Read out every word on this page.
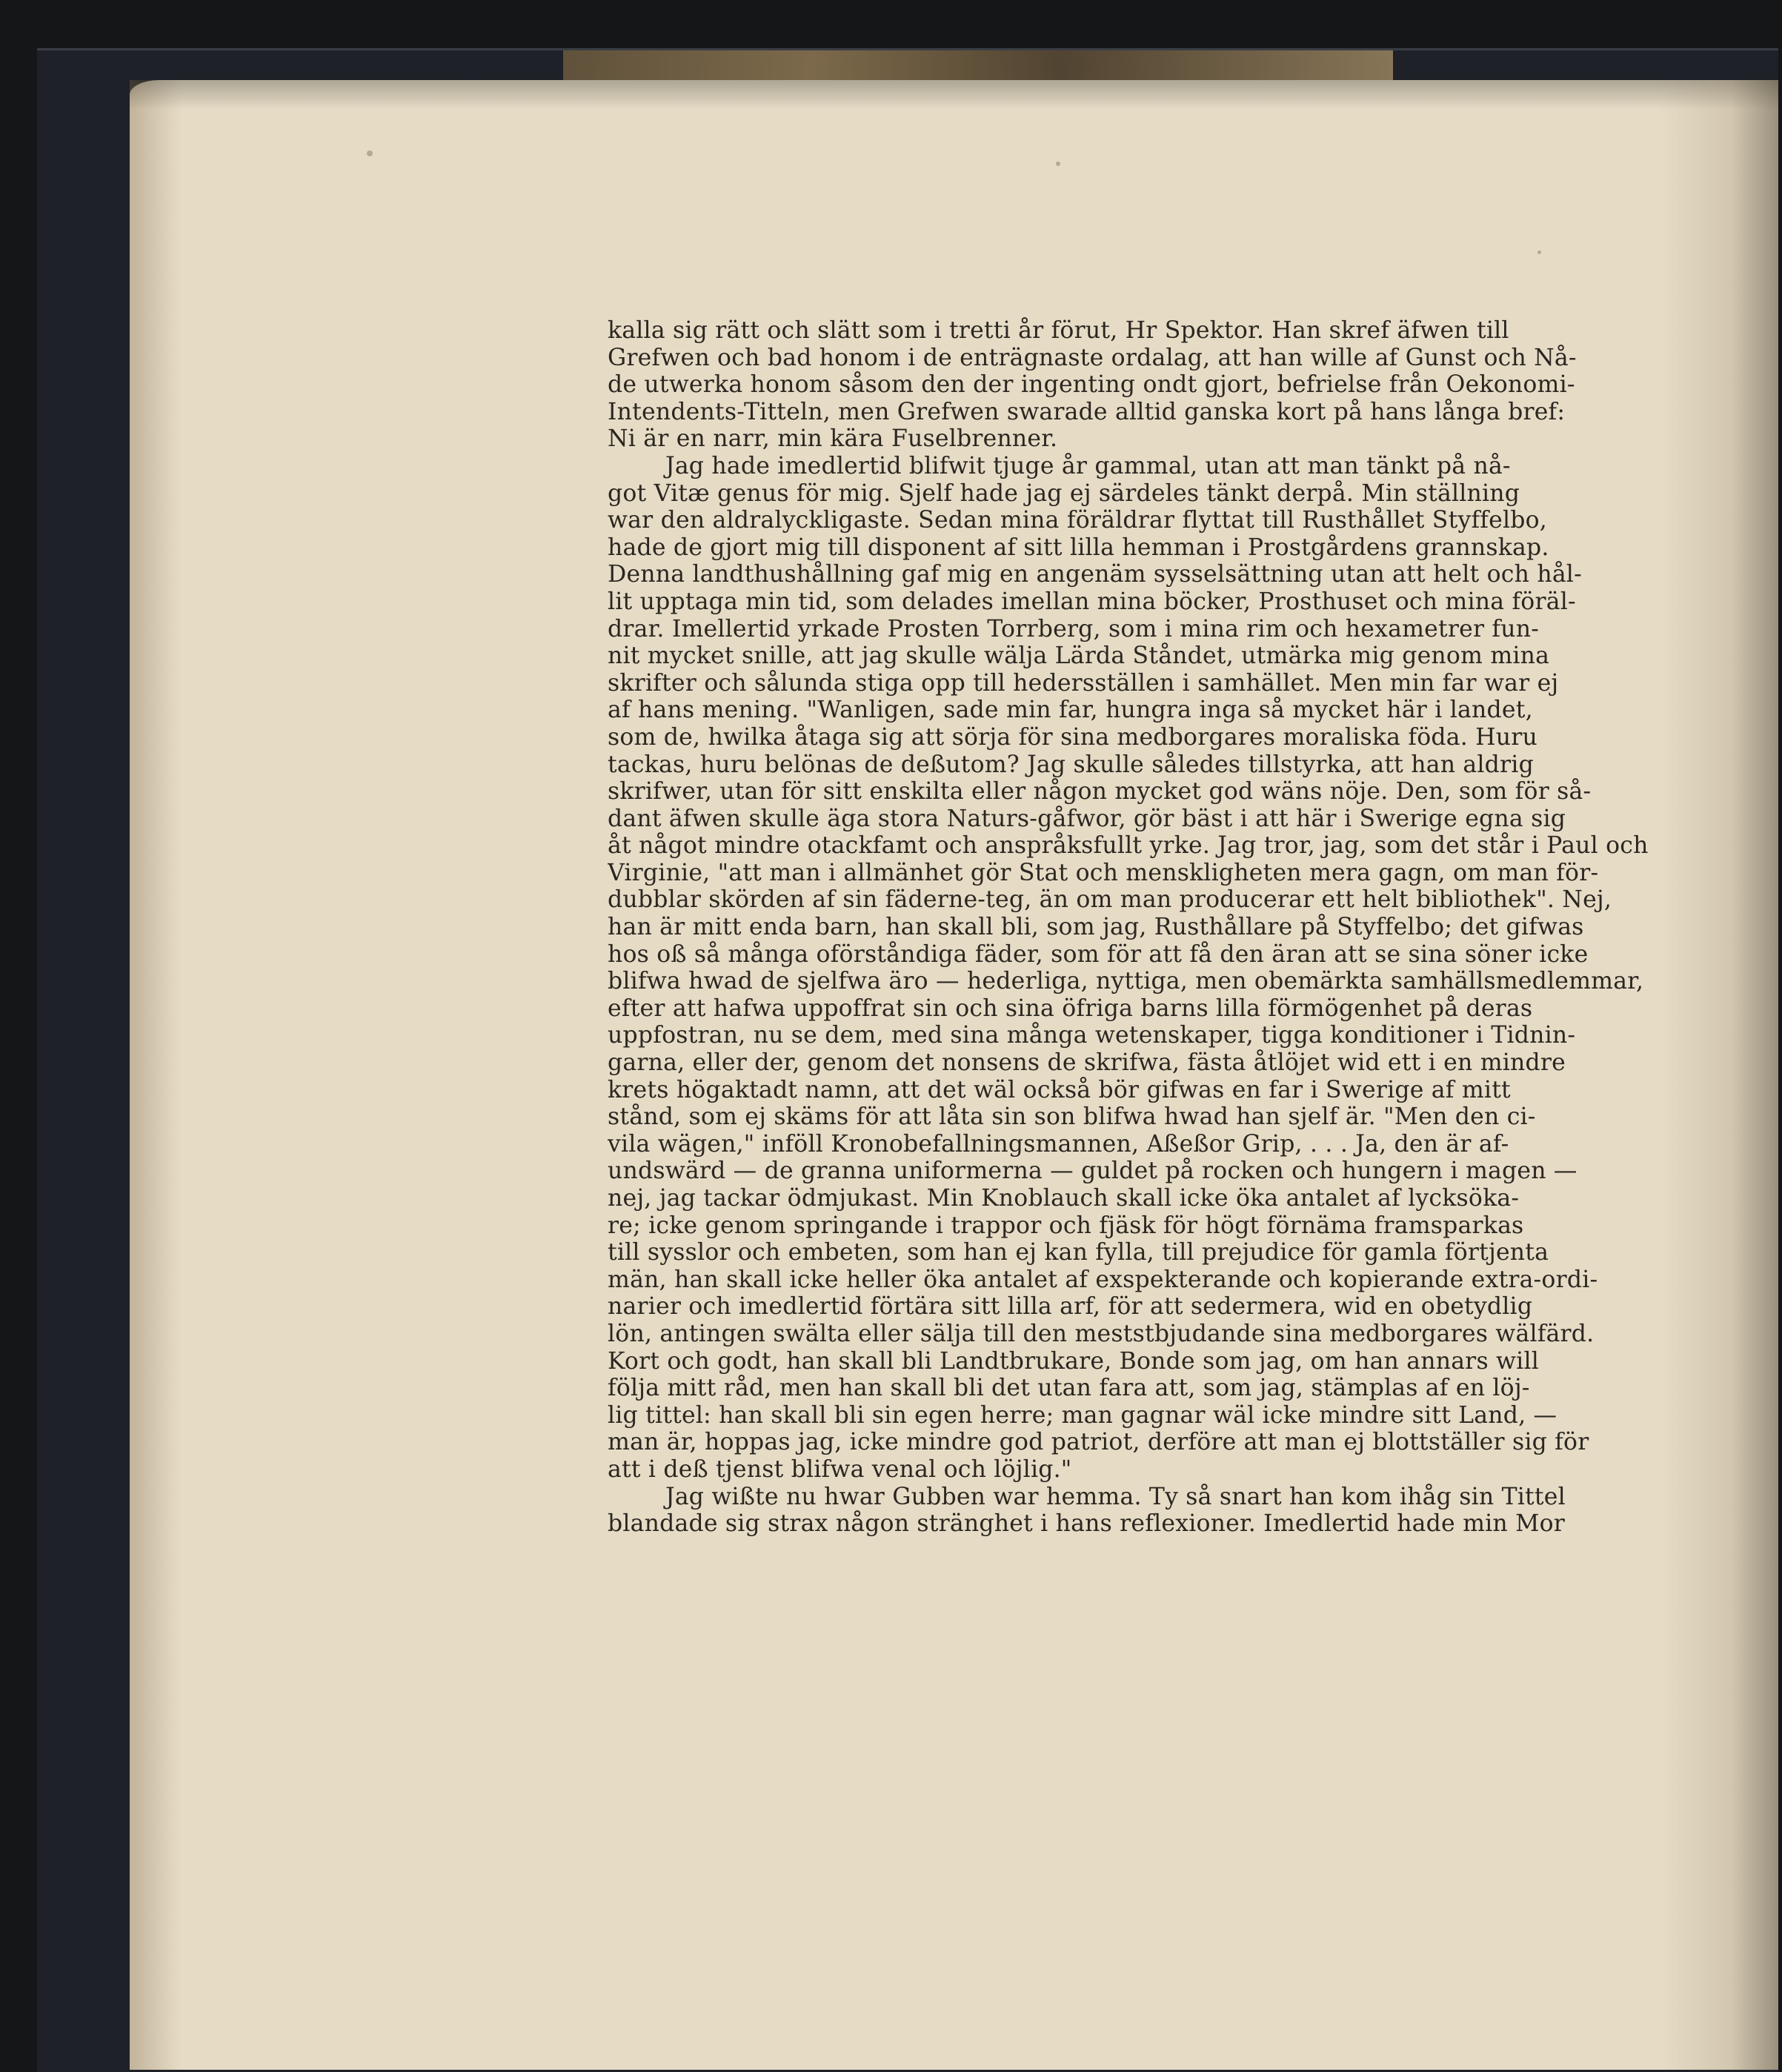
kalla sig rätt och slätt som i tretti år förut, Hr Spektor. Han skref äfwen till
Grefwen och bad honom i de enträgnaste ordalag, att han wille af Gunst och Nå-
de utwerka honom såsom den der ingenting ondt gjort, befrielse från Oekonomi-
Intendents-Titteln, men Grefwen swarade alltid ganska kort på hans långa bref:
Ni är en narr, min kära Fuselbrenner.
Jag hade imedlertid blifwit tjuge år gammal, utan att man tänkt på nå-
got Vitæ genus för mig. Sjelf hade jag ej särdeles tänkt derpå. Min ställning
war den aldralyckligaste. Sedan mina föräldrar flyttat till Rusthållet Styffelbo,
hade de gjort mig till disponent af sitt lilla hemman i Prostgårdens grannskap.
Denna landthushållning gaf mig en angenäm sysselsättning utan att helt och hål-
lit upptaga min tid, som delades imellan mina böcker, Prosthuset och mina föräl-
drar. Imellertid yrkade Prosten Torrberg, som i mina rim och hexametrer fun-
nit mycket snille, att jag skulle wälja Lärda Ståndet, utmärka mig genom mina
skrifter och sålunda stiga opp till hedersställen i samhället. Men min far war ej
af hans mening. "Wanligen, sade min far, hungra inga så mycket här i landet,
som de, hwilka åtaga sig att sörja för sina medborgares moraliska föda. Huru
tackas, huru belönas de deßutom? Jag skulle således tillstyrka, att han aldrig
skrifwer, utan för sitt enskilta eller någon mycket god wäns nöje. Den, som för så-
dant äfwen skulle äga stora Naturs-gåfwor, gör bäst i att här i Swerige egna sig
åt något mindre otackfamt och anspråksfullt yrke. Jag tror, jag, som det står i Paul och
Virginie, "att man i allmänhet gör Stat och menskligheten mera gagn, om man för-
dubblar skörden af sin fäderne-teg, än om man producerar ett helt bibliothek". Nej,
han är mitt enda barn, han skall bli, som jag, Rusthållare på Styffelbo; det gifwas
hos oß så många oförståndiga fäder, som för att få den äran att se sina söner icke
blifwa hwad de sjelfwa äro — hederliga, nyttiga, men obemärkta samhällsmedlemmar,
efter att hafwa uppoffrat sin och sina öfriga barns lilla förmögenhet på deras
uppfostran, nu se dem, med sina många wetenskaper, tigga konditioner i Tidnin-
garna, eller der, genom det nonsens de skrifwa, fästa åtlöjet wid ett i en mindre
krets högaktadt namn, att det wäl också bör gifwas en far i Swerige af mitt
stånd, som ej skäms för att låta sin son blifwa hwad han sjelf är. "Men den ci-
vila wägen," inföll Kronobefallningsmannen, Aßeßor Grip, . . . Ja, den är af-
undswärd — de granna uniformerna — guldet på rocken och hungern i magen —
nej, jag tackar ödmjukast. Min Knoblauch skall icke öka antalet af lycksöka-
re; icke genom springande i trappor och fjäsk för högt förnäma framsparkas
till sysslor och embeten, som han ej kan fylla, till prejudice för gamla förtjenta
män, han skall icke heller öka antalet af exspekterande och kopierande extra-ordi-
narier och imedlertid förtära sitt lilla arf, för att sedermera, wid en obetydlig
lön, antingen swälta eller sälja till den meststbjudande sina medborgares wälfärd.
Kort och godt, han skall bli Landtbrukare, Bonde som jag, om han annars will
följa mitt råd, men han skall bli det utan fara att, som jag, stämplas af en löj-
lig tittel: han skall bli sin egen herre; man gagnar wäl icke mindre sitt Land, —
man är, hoppas jag, icke mindre god patriot, derföre att man ej blottställer sig för
att i deß tjenst blifwa venal och löjlig."
Jag wißte nu hwar Gubben war hemma. Ty så snart han kom ihåg sin Tittel
blandade sig strax någon stränghet i hans reflexioner. Imedlertid hade min Mor
